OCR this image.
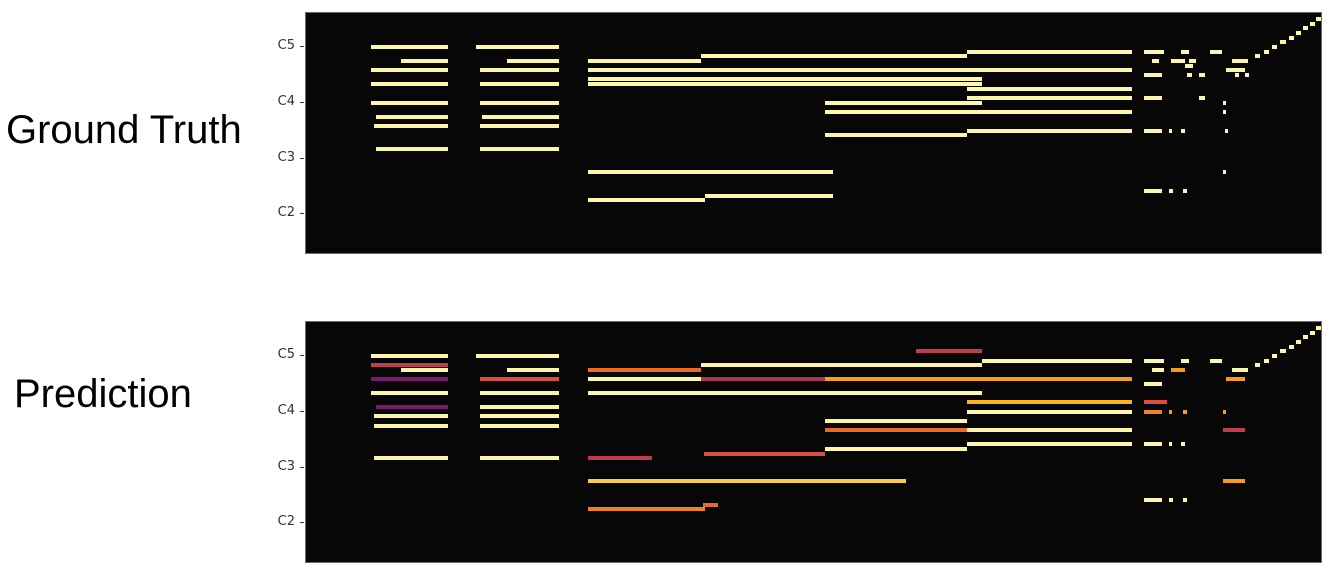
Ground Truth
Prediction
C2
C3
C4
C5
C2
C3
C4
C5
